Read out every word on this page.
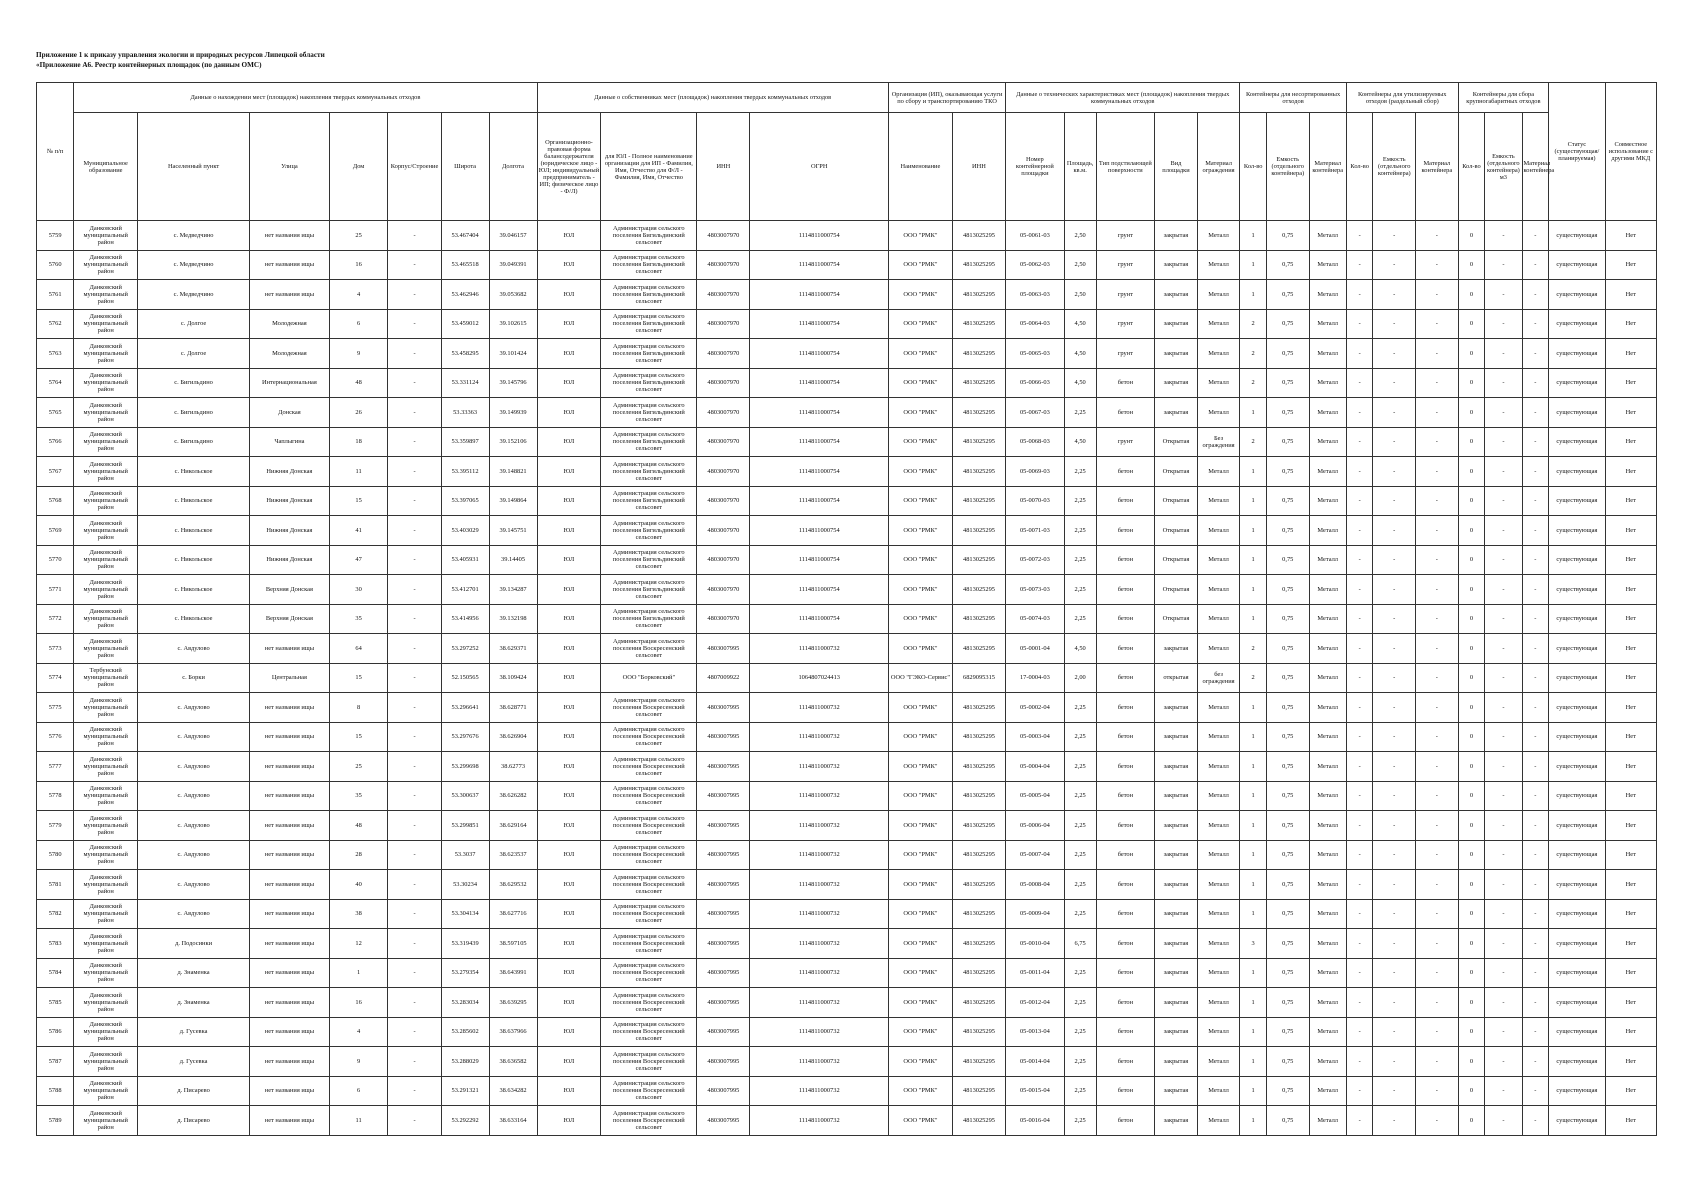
Приложение 1 к приказу управления экологии и природных ресурсов Липецкой области
«Приложение А6. Реестр контейнерных площадок (по данным ОМС)
№ п/п	Данные о нахождении мест (площадок) накопления твердых коммунальных отходов							Данные о собственниках мест (площадок) накопления твердых коммунальных отходов				Организация (ИП), оказывающая услуги по сбору и транспортированию ТКО		Данные о технических характеристиках мест (площадок) накопления твердых коммунальных отходов					Контейнеры для несортированных отходов			Контейнеры для утилизируемых отходов (раздельный сбор)			Контейнеры для сбора крупногабаритных отходов			Статус (существующая/планируемая)	Совместное использование с другими МКД
	Муниципальное образование	Населенный пункт	Улица	Дом	Корпус/Строение	Широта	Долгота	Организационно-правовая форма балансодержателя (юридическое лицо - ЮЛ; индивидуальный предприниматель - ИП; физическое лицо - Ф/Л)	для ЮЛ - Полное наименование организации для ИП - Фамилия, Имя, Отчество для Ф/Л - Фамилия, Имя, Отчество	ИНН	ОГРН	Наименование	ИНН	Номер контейнерной площадки	Площадь, кв.м.	Тип подстилающей поверхности	Вид площадки	Материал ограждения	Кол-во	Емкость (отдельного контейнера)	Материал контейнера	Кол-во	Емкость (отдельного контейнера)	Материал контейнера	Кол-во	Емкость (отдельного контейнера) м3	Материал контейнера		
5759	Данковский муниципальный район	с. Медведчино	нет названия ищы	25	-	53.467404	39.046157	ЮЛ	Администрация сельского поселения Бигильдинский сельсовет	4803007970	1114811000754	ООО "РМК"	4813025295	05-0061-03	2,50	грунт	закрытая	Металл	1	0,75	Металл	-	-	-	0	-	-	существующая	Нет
5760	Данковский муниципальный район	с. Медведчино	нет названия ищы	16	-	53.465518	39.049391	ЮЛ	Администрация сельского поселения Бигильдинский сельсовет	4803007970	1114811000754	ООО "РМК"	4813025295	05-0062-03	2,50	грунт	закрытая	Металл	1	0,75	Металл	-	-	-	0	-	-	существующая	Нет
5761	Данковский муниципальный район	с. Медведчино	нет названия ищы	4	-	53.462946	39.053682	ЮЛ	Администрация сельского поселения Бигильдинский сельсовет	4803007970	1114811000754	ООО "РМК"	4813025295	05-0063-03	2,50	грунт	закрытая	Металл	1	0,75	Металл	-	-	-	0	-	-	существующая	Нет
5762	Данковский муниципальный район	с. Долгое	Молодежная	6	-	53.459012	39.102615	ЮЛ	Администрация сельского поселения Бигильдинский сельсовет	4803007970	1114811000754	ООО "РМК"	4813025295	05-0064-03	4,50	грунт	закрытая	Металл	2	0,75	Металл	-	-	-	0	-	-	существующая	Нет
5763	Данковский муниципальный район	с. Долгое	Молодежная	9	-	53.458295	39.101424	ЮЛ	Администрация сельского поселения Бигильдинский сельсовет	4803007970	1114811000754	ООО "РМК"	4813025295	05-0065-03	4,50	грунт	закрытая	Металл	2	0,75	Металл	-	-	-	0	-	-	существующая	Нет
5764	Данковский муниципальный район	с. Бигильдино	Интернациональная	48	-	53.331124	39.145796	ЮЛ	Администрация сельского поселения Бигильдинский сельсовет	4803007970	1114811000754	ООО "РМК"	4813025295	05-0066-03	4,50	бетон	закрытая	Металл	2	0,75	Металл	-	-	-	0	-	-	существующая	Нет
5765	Данковский муниципальный район	с. Бигильдино	Донская	26	-	53.33363	39.149939	ЮЛ	Администрация сельского поселения Бигильдинский сельсовет	4803007970	1114811000754	ООО "РМК"	4813025295	05-0067-03	2,25	бетон	закрытая	Металл	1	0,75	Металл	-	-	-	0	-	-	существующая	Нет
5766	Данковский муниципальный район	с. Бигильдино	Чаплыгина	18	-	53.359897	39.152106	ЮЛ	Администрация сельского поселения Бигильдинский сельсовет	4803007970	1114811000754	ООО "РМК"	4813025295	05-0068-03	4,50	грунт	Открытая	Без ограждения	2	0,75	Металл	-	-	-	0	-	-	существующая	Нет
5767	Данковский муниципальный район	с. Никольское	Нижняя Донская	11	-	53.395112	39.148821	ЮЛ	Администрация сельского поселения Бигильдинский сельсовет	4803007970	1114811000754	ООО "РМК"	4813025295	05-0069-03	2,25	бетон	Открытая	Металл	1	0,75	Металл	-	-	-	0	-	-	существующая	Нет
5768	Данковский муниципальный район	с. Никольское	Нижняя Донская	15	-	53.397065	39.149864	ЮЛ	Администрация сельского поселения Бигильдинский сельсовет	4803007970	1114811000754	ООО "РМК"	4813025295	05-0070-03	2,25	бетон	Открытая	Металл	1	0,75	Металл	-	-	-	0	-	-	существующая	Нет
5769	Данковский муниципальный район	с. Никольское	Нижняя Донская	41	-	53.403029	39.145751	ЮЛ	Администрация сельского поселения Бигильдинский сельсовет	4803007970	1114811000754	ООО "РМК"	4813025295	05-0071-03	2,25	бетон	Открытая	Металл	1	0,75	Металл	-	-	-	0	-	-	существующая	Нет
5770	Данковский муниципальный район	с. Никольское	Нижняя Донская	47	-	53.405931	39.14405	ЮЛ	Администрация сельского поселения Бигильдинский сельсовет	4803007970	1114811000754	ООО "РМК"	4813025295	05-0072-03	2,25	бетон	Открытая	Металл	1	0,75	Металл	-	-	-	0	-	-	существующая	Нет
5771	Данковский муниципальный район	с. Никольское	Верхняя Донская	30	-	53.412701	39.134287	ЮЛ	Администрация сельского поселения Бигильдинский сельсовет	4803007970	1114811000754	ООО "РМК"	4813025295	05-0073-03	2,25	бетон	Открытая	Металл	1	0,75	Металл	-	-	-	0	-	-	существующая	Нет
5772	Данковский муниципальный район	с. Никольское	Верхняя Донская	35	-	53.414956	39.132198	ЮЛ	Администрация сельского поселения Бигильдинский сельсовет	4803007970	1114811000754	ООО "РМК"	4813025295	05-0074-03	2,25	бетон	Открытая	Металл	1	0,75	Металл	-	-	-	0	-	-	существующая	Нет
5773	Данковский муниципальный район	с. Авдулово	нет названия ищы	64	-	53.297252	38.629371	ЮЛ	Администрация сельского поселения Воскресенский сельсовет	4803007995	1114811000732	ООО "РМК"	4813025295	05-0001-04	4,50	бетон	закрытая	Металл	2	0,75	Металл	-	-	-	0	-	-	существующая	Нет
5774	Тербунский муниципальный район	с. Борки	Центральная	15	-	52.150565	38.109424	ЮЛ	ООО "Борковский"	4807009922	1064807024413	ООО "ГЭКО-Сервис"	6829095315	17-0004-03	2,00	бетон	открытая	без ограждения	2	0,75	Металл	-	-	-	0	-	-	существующая	Нет
5775	Данковский муниципальный район	с. Авдулово	нет названия ищы	8	-	53.296641	38.628771	ЮЛ	Администрация сельского поселения Воскресенский сельсовет	4803007995	1114811000732	ООО "РМК"	4813025295	05-0002-04	2,25	бетон	закрытая	Металл	1	0,75	Металл	-	-	-	0	-	-	существующая	Нет
5776	Данковский муниципальный район	с. Авдулово	нет названия ищы	15	-	53.297676	38.626904	ЮЛ	Администрация сельского поселения Воскресенский сельсовет	4803007995	1114811000732	ООО "РМК"	4813025295	05-0003-04	2,25	бетон	закрытая	Металл	1	0,75	Металл	-	-	-	0	-	-	существующая	Нет
5777	Данковский муниципальный район	с. Авдулово	нет названия ищы	25	-	53.299698	38.62773	ЮЛ	Администрация сельского поселения Воскресенский сельсовет	4803007995	1114811000732	ООО "РМК"	4813025295	05-0004-04	2,25	бетон	закрытая	Металл	1	0,75	Металл	-	-	-	0	-	-	существующая	Нет
5778	Данковский муниципальный район	с. Авдулово	нет названия ищы	35	-	53.300637	38.626282	ЮЛ	Администрация сельского поселения Воскресенский сельсовет	4803007995	1114811000732	ООО "РМК"	4813025295	05-0005-04	2,25	бетон	закрытая	Металл	1	0,75	Металл	-	-	-	0	-	-	существующая	Нет
5779	Данковский муниципальный район	с. Авдулово	нет названия ищы	48	-	53.299851	38.629164	ЮЛ	Администрация сельского поселения Воскресенский сельсовет	4803007995	1114811000732	ООО "РМК"	4813025295	05-0006-04	2,25	бетон	закрытая	Металл	1	0,75	Металл	-	-	-	0	-	-	существующая	Нет
5780	Данковский муниципальный район	с. Авдулово	нет названия ищы	28	-	53.3037	38.623537	ЮЛ	Администрация сельского поселения Воскресенский сельсовет	4803007995	1114811000732	ООО "РМК"	4813025295	05-0007-04	2,25	бетон	закрытая	Металл	1	0,75	Металл	-	-	-	0	-	-	существующая	Нет
5781	Данковский муниципальный район	с. Авдулово	нет названия ищы	40	-	53.30234	38.629532	ЮЛ	Администрация сельского поселения Воскресенский сельсовет	4803007995	1114811000732	ООО "РМК"	4813025295	05-0008-04	2,25	бетон	закрытая	Металл	1	0,75	Металл	-	-	-	0	-	-	существующая	Нет
5782	Данковский муниципальный район	с. Авдулово	нет названия ищы	38	-	53.304134	38.627716	ЮЛ	Администрация сельского поселения Воскресенский сельсовет	4803007995	1114811000732	ООО "РМК"	4813025295	05-0009-04	2,25	бетон	закрытая	Металл	1	0,75	Металл	-	-	-	0	-	-	существующая	Нет
5783	Данковский муниципальный район	д. Подосинки	нет названия ищы	12	-	53.319439	38.597105	ЮЛ	Администрация сельского поселения Воскресенский сельсовет	4803007995	1114811000732	ООО "РМК"	4813025295	05-0010-04	6,75	бетон	закрытая	Металл	3	0,75	Металл	-	-	-	0	-	-	существующая	Нет
5784	Данковский муниципальный район	д. Знаменка	нет названия ищы	1	-	53.279354	38.643991	ЮЛ	Администрация сельского поселения Воскресенский сельсовет	4803007995	1114811000732	ООО "РМК"	4813025295	05-0011-04	2,25	бетон	закрытая	Металл	1	0,75	Металл	-	-	-	0	-	-	существующая	Нет
5785	Данковский муниципальный район	д. Знаменка	нет названия ищы	16	-	53.283034	38.639295	ЮЛ	Администрация сельского поселения Воскресенский сельсовет	4803007995	1114811000732	ООО "РМК"	4813025295	05-0012-04	2,25	бетон	закрытая	Металл	1	0,75	Металл	-	-	-	0	-	-	существующая	Нет
5786	Данковский муниципальный район	д. Гусевка	нет названия ищы	4	-	53.285602	38.637966	ЮЛ	Администрация сельского поселения Воскресенский сельсовет	4803007995	1114811000732	ООО "РМК"	4813025295	05-0013-04	2,25	бетон	закрытая	Металл	1	0,75	Металл	-	-	-	0	-	-	существующая	Нет
5787	Данковский муниципальный район	д. Гусевка	нет названия ищы	9	-	53.288029	38.636582	ЮЛ	Администрация сельского поселения Воскресенский сельсовет	4803007995	1114811000732	ООО "РМК"	4813025295	05-0014-04	2,25	бетон	закрытая	Металл	1	0,75	Металл	-	-	-	0	-	-	существующая	Нет
5788	Данковский муниципальный район	д. Писарево	нет названия ищы	6	-	53.291321	38.634282	ЮЛ	Администрация сельского поселения Воскресенский сельсовет	4803007995	1114811000732	ООО "РМК"	4813025295	05-0015-04	2,25	бетон	закрытая	Металл	1	0,75	Металл	-	-	-	0	-	-	существующая	Нет
5789	Данковский муниципальный район	д. Писарево	нет названия ищы	11	-	53.292292	38.633164	ЮЛ	Администрация сельского поселения Воскресенский сельсовет	4803007995	1114811000732	ООО "РМК"	4813025295	05-0016-04	2,25	бетон	закрытая	Металл	1	0,75	Металл	-	-	-	0	-	-	существующая	Нет
